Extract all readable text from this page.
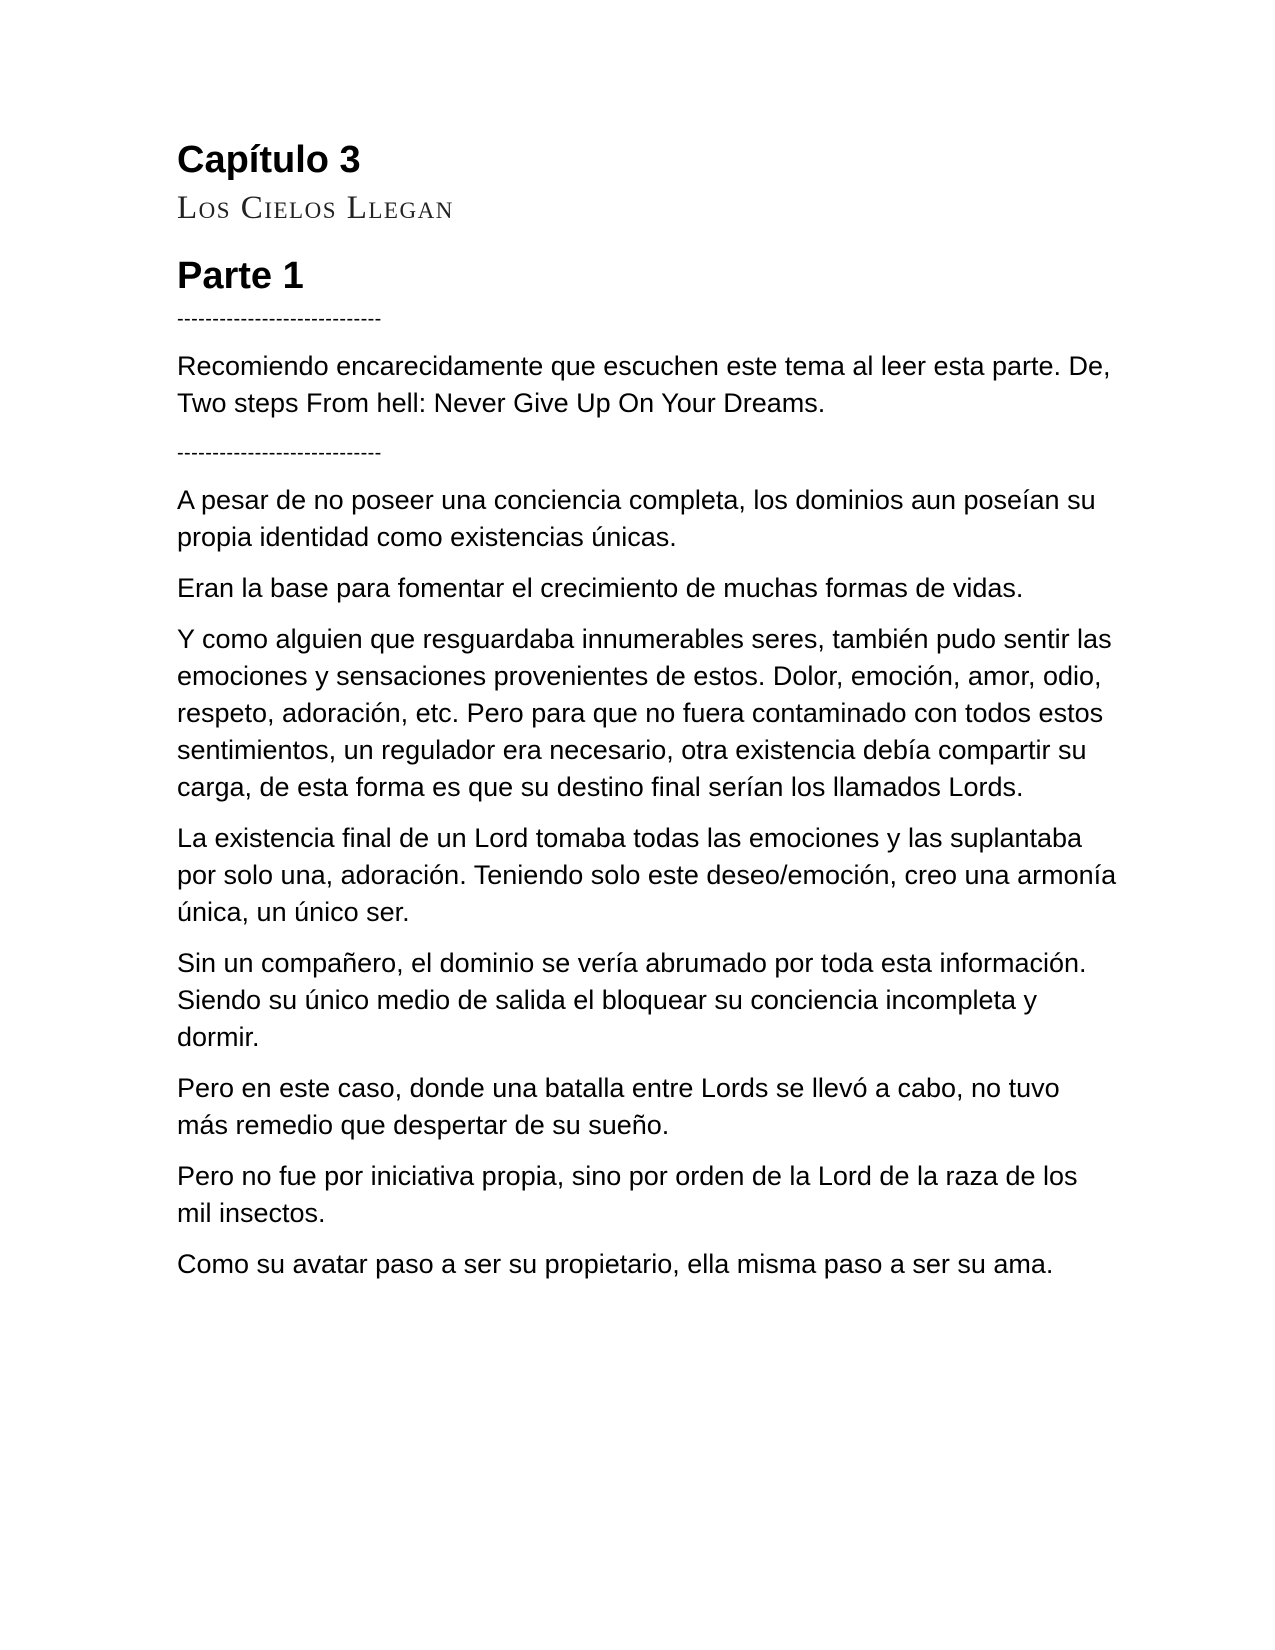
Capítulo 3
Los Cielos Llegan
Parte 1
-----------------------------

Recomiendo encarecidamente que escuchen este tema al leer esta parte. De, Two steps From hell: Never Give Up On Your Dreams.

-----------------------------

A pesar de no poseer una conciencia completa, los dominios aun poseían su propia identidad como existencias únicas.

Eran la base para fomentar el crecimiento de muchas formas de vidas.

Y como alguien que resguardaba innumerables seres, también pudo sentir las emociones y sensaciones provenientes de estos. Dolor, emoción, amor, odio, respeto, adoración, etc. Pero para que no fuera contaminado con todos estos sentimientos, un regulador era necesario, otra existencia debía compartir su carga, de esta forma es que su destino final serían los llamados Lords.

La existencia final de un Lord tomaba todas las emociones y las suplantaba por solo una, adoración. Teniendo solo este deseo/emoción, creo una armonía única, un único ser.

Sin un compañero, el dominio se vería abrumado por toda esta información. Siendo su único medio de salida el bloquear su conciencia incompleta y dormir.

Pero en este caso, donde una batalla entre Lords se llevó a cabo, no tuvo más remedio que despertar de su sueño.

Pero no fue por iniciativa propia, sino por orden de la Lord de la raza de los mil insectos.

Como su avatar paso a ser su propietario, ella misma paso a ser su ama.
